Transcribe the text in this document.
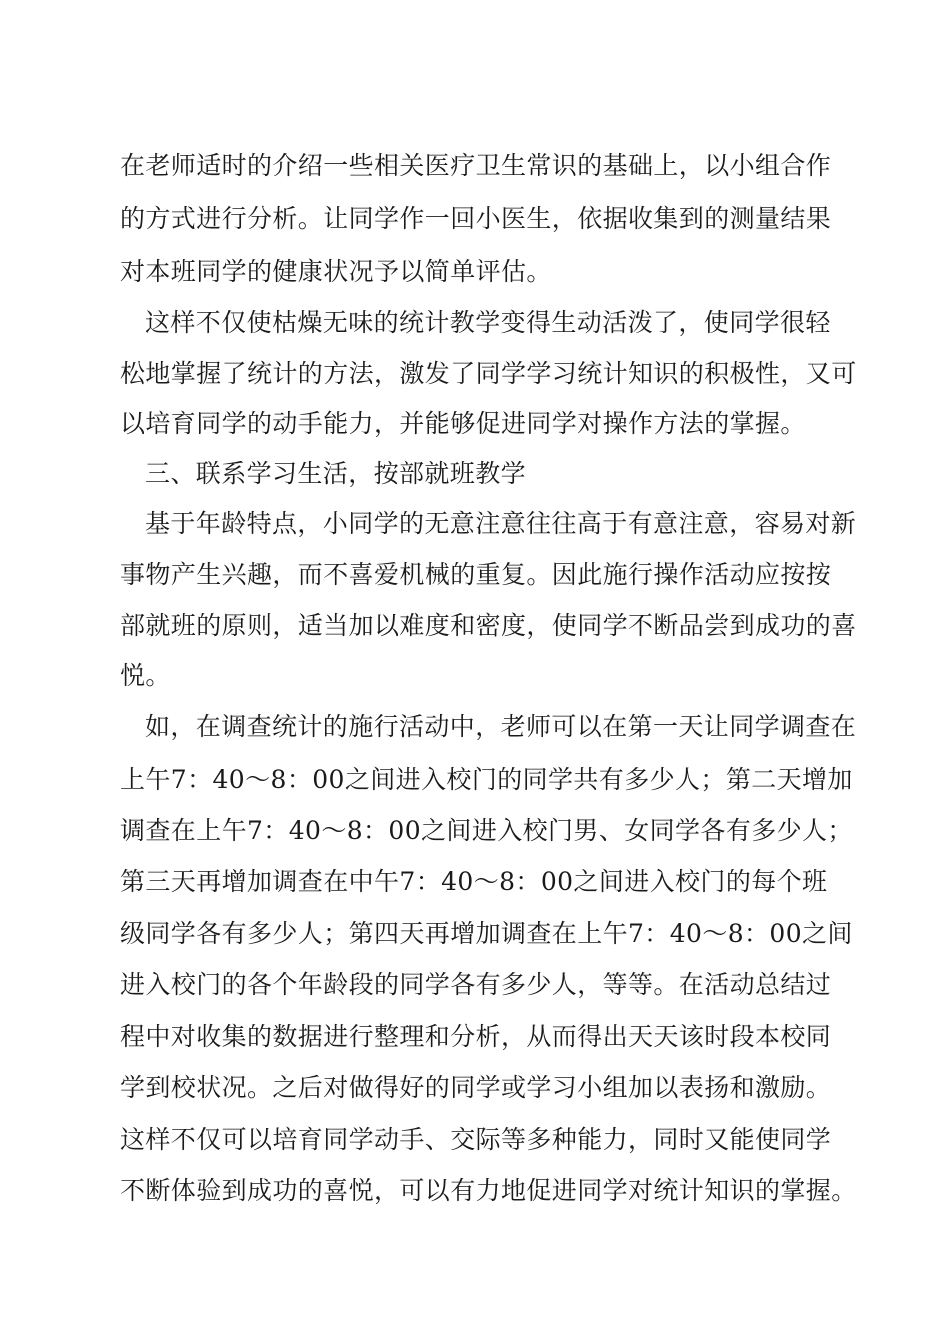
在老师适时的介绍一些相关医疗卫生常识的基础上，以小组合作
的方式进行分析。让同学作一回小医生，依据收集到的测量结果
对本班同学的健康状况予以简单评估。
这样不仅使枯燥无味的统计教学变得生动活泼了，使同学很轻
松地掌握了统计的方法，激发了同学学习统计知识的积极性，又可
以培育同学的动手能力，并能够促进同学对操作方法的掌握。
三、联系学习生活，按部就班教学
基于年龄特点，小同学的无意注意往往高于有意注意，容易对新
事物产生兴趣，而不喜爱机械的重复。因此施行操作活动应按按
部就班的原则，适当加以难度和密度，使同学不断品尝到成功的喜
悦。
如，在调查统计的施行活动中，老师可以在第一天让同学调查在
上午7：40～8：00之间进入校门的同学共有多少人；第二天增加
调查在上午7：40～8：00之间进入校门男、女同学各有多少人；
第三天再增加调查在中午7：40～8：00之间进入校门的每个班
级同学各有多少人；第四天再增加调查在上午7：40～8：00之间
进入校门的各个年龄段的同学各有多少人，等等。在活动总结过
程中对收集的数据进行整理和分析，从而得出天天该时段本校同
学到校状况。之后对做得好的同学或学习小组加以表扬和激励。
这样不仅可以培育同学动手、交际等多种能力，同时又能使同学
不断体验到成功的喜悦，可以有力地促进同学对统计知识的掌握。
